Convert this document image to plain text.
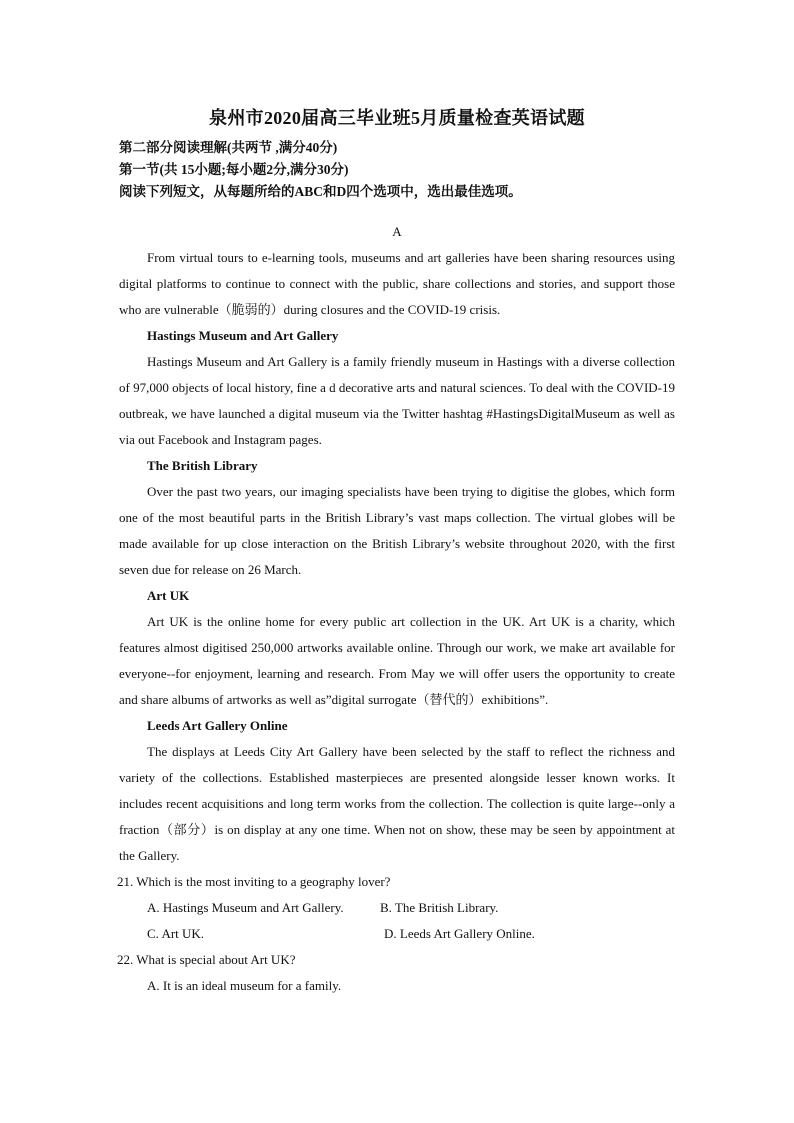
泉州市2020届高三毕业班5月质量检查英语试题
第二部分阅读理解(共两节 ,满分40分)
第一节(共 15小题;每小题2分,满分30分)
阅读下列短文，从每题所给的ABC和D四个选项中，选出最佳选项。
A

From virtual tours to e-learning tools, museums and art galleries have been sharing resources using digital platforms to continue to connect with the public, share collections and stories, and support those who are vulnerable（脆弱的）during closures and the COVID-19 crisis.

Hastings Museum and Art Gallery

Hastings Museum and Art Gallery is a family friendly museum in Hastings with a diverse collection of 97,000 objects of local history, fine a d decorative arts and natural sciences. To deal with the COVID-19 outbreak, we have launched a digital museum via the Twitter hashtag #HastingsDigitalMuseum as well as via out Facebook and Instagram pages.

The British Library

Over the past two years, our imaging specialists have been trying to digitise the globes, which form one of the most beautiful parts in the British Library’s vast maps collection. The virtual globes will be made available for up close interaction on the British Library’s website throughout 2020, with the first seven due for release on 26 March.

Art UK

Art UK is the online home for every public art collection in the UK. Art UK is a charity, which features almost digitised 250,000 artworks available online. Through our work, we make art available for everyone--for enjoyment, learning and research. From May we will offer users the opportunity to create and share albums of artworks as well as”digital surrogate（替代的）exhibitions”.

Leeds Art Gallery Online

The displays at Leeds City Art Gallery have been selected by the staff to reflect the richness and variety of the collections. Established masterpieces are presented alongside lesser known works. It includes recent acquisitions and long term works from the collection. The collection is quite large--only a fraction（部分）is on display at any one time. When not on show, these may be seen by appointment at the Gallery.

21. Which is the most inviting to a geography lover?
A. Hastings Museum and Art Gallery.	B. The British Library.
C. Art UK.	D. Leeds Art Gallery Online.
22. What is special about Art UK?
A. It is an ideal museum for a family.
